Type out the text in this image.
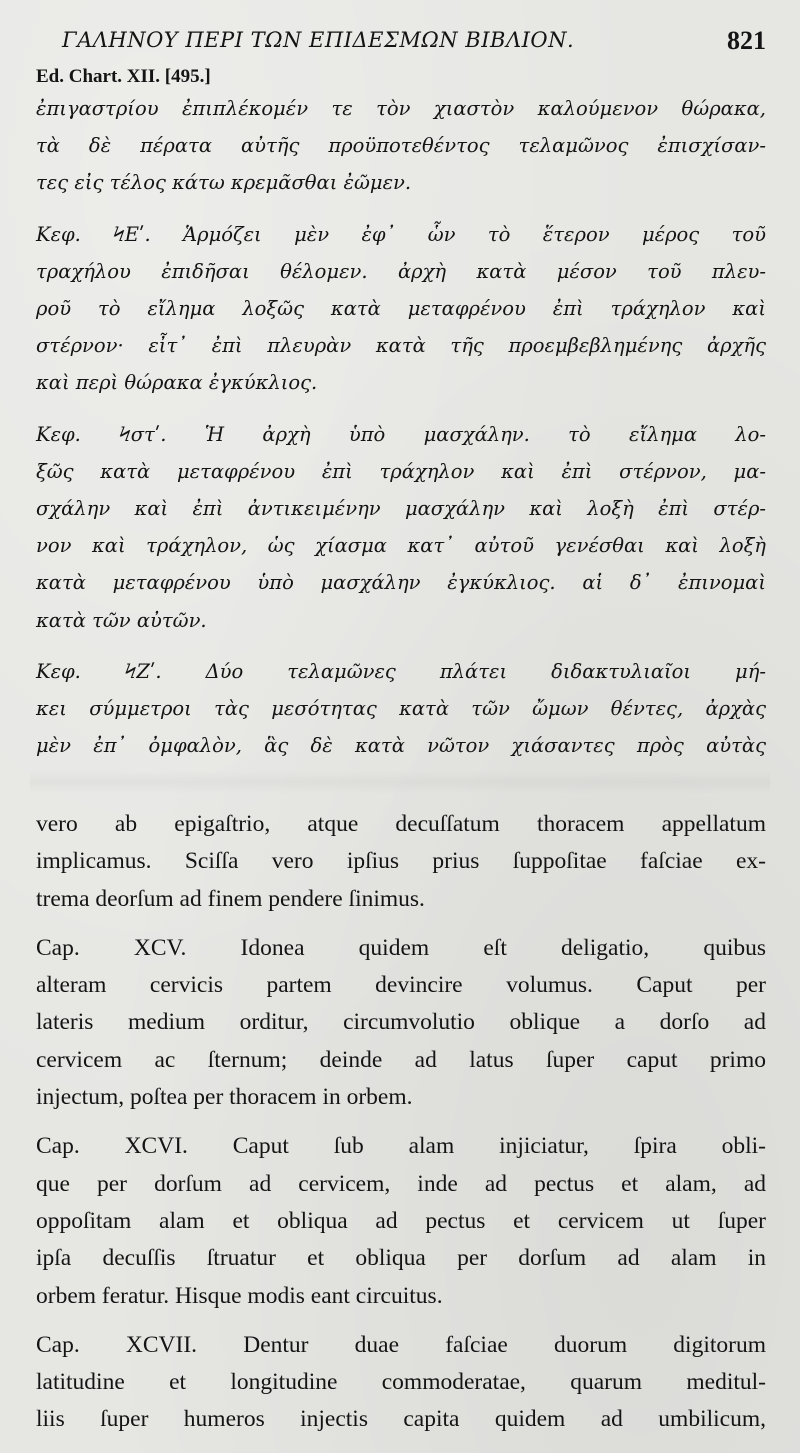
ΓΑΛΗΝΟΥ ΠΕΡΙ ΤΩΝ ΕΠΙΔΕΣΜΩΝ ΒΙΒΛΙΟΝ.	821
Ed. Chart. XII. [495.]
ἐπιγαστρίου ἐπιπλέκομέν τε τὸν χιαστὸν καλούμενον θώρακα,
τὰ δὲ πέρατα αὐτῆς προϋποτεθέντος τελαμῶνος ἐπισχίσαν-
τες εἰς τέλος κάτω κρεμᾶσθαι ἐῶμεν.
Κεφ. ϞΕʹ. Ἁρμόζει μὲν ἐφ᾽ ὧν τὸ ἕτερον μέρος τοῦ
τραχήλου ἐπιδῆσαι θέλομεν. ἀρχὴ κατὰ μέσον τοῦ πλευ-
ροῦ τὸ εἴλημα λοξῶς κατὰ μεταφρένου ἐπὶ τράχηλον καὶ
στέρνον· εἶτ᾽ ἐπὶ πλευρὰν κατὰ τῆς προεμβεβλημένης ἀρχῆς
καὶ περὶ θώρακα ἐγκύκλιος.
Κεφ. Ϟστʹ. Ἡ ἀρχὴ ὑπὸ μασχάλην. τὸ εἴλημα λο-
ξῶς κατὰ μεταφρένου ἐπὶ τράχηλον καὶ ἐπὶ στέρνον, μα-
σχάλην καὶ ἐπὶ ἀντικειμένην μασχάλην καὶ λοξὴ ἐπὶ στέρ-
νον καὶ τράχηλον, ὡς χίασμα κατ᾽ αὐτοῦ γενέσθαι καὶ λοξὴ
κατὰ μεταφρένου ὑπὸ μασχάλην ἐγκύκλιος. αἱ δ᾽ ἐπινομαὶ
κατὰ τῶν αὐτῶν.
Κεφ. ϞΖʹ. Δύο τελαμῶνες πλάτει διδακτυλιαῖοι μή-
κει σύμμετροι τὰς μεσότητας κατὰ τῶν ὤμων θέντες, ἀρχὰς
μὲν ἐπ᾽ ὀμφαλὸν, ἃς δὲ κατὰ νῶτον χιάσαντες πρὸς αὐτὰς
vero ab epigaſtrio, atque decuſſatum thoracem appellatum
implicamus. Sciſſa vero ipſius prius ſuppoſitae faſciae ex-
trema deorſum ad finem pendere ſinimus.
Cap. XCV. Idonea quidem eſt deligatio, quibus
alteram cervicis partem devincire volumus. Caput per
lateris medium orditur, circumvolutio oblique a dorſo ad
cervicem ac ſternum; deinde ad latus ſuper caput primo
injectum, poſtea per thoracem in orbem.
Cap. XCVI. Caput ſub alam injiciatur, ſpira obli-
que per dorſum ad cervicem, inde ad pectus et alam, ad
oppoſitam alam et obliqua ad pectus et cervicem ut ſuper
ipſa decuſſis ſtruatur et obliqua per dorſum ad alam in
orbem feratur. Hisque modis eant circuitus.
Cap. XCVII. Dentur duae faſciae duorum digitorum
latitudine et longitudine commoderatae, quarum meditul-
liis ſuper humeros injectis capita quidem ad umbilicum,
